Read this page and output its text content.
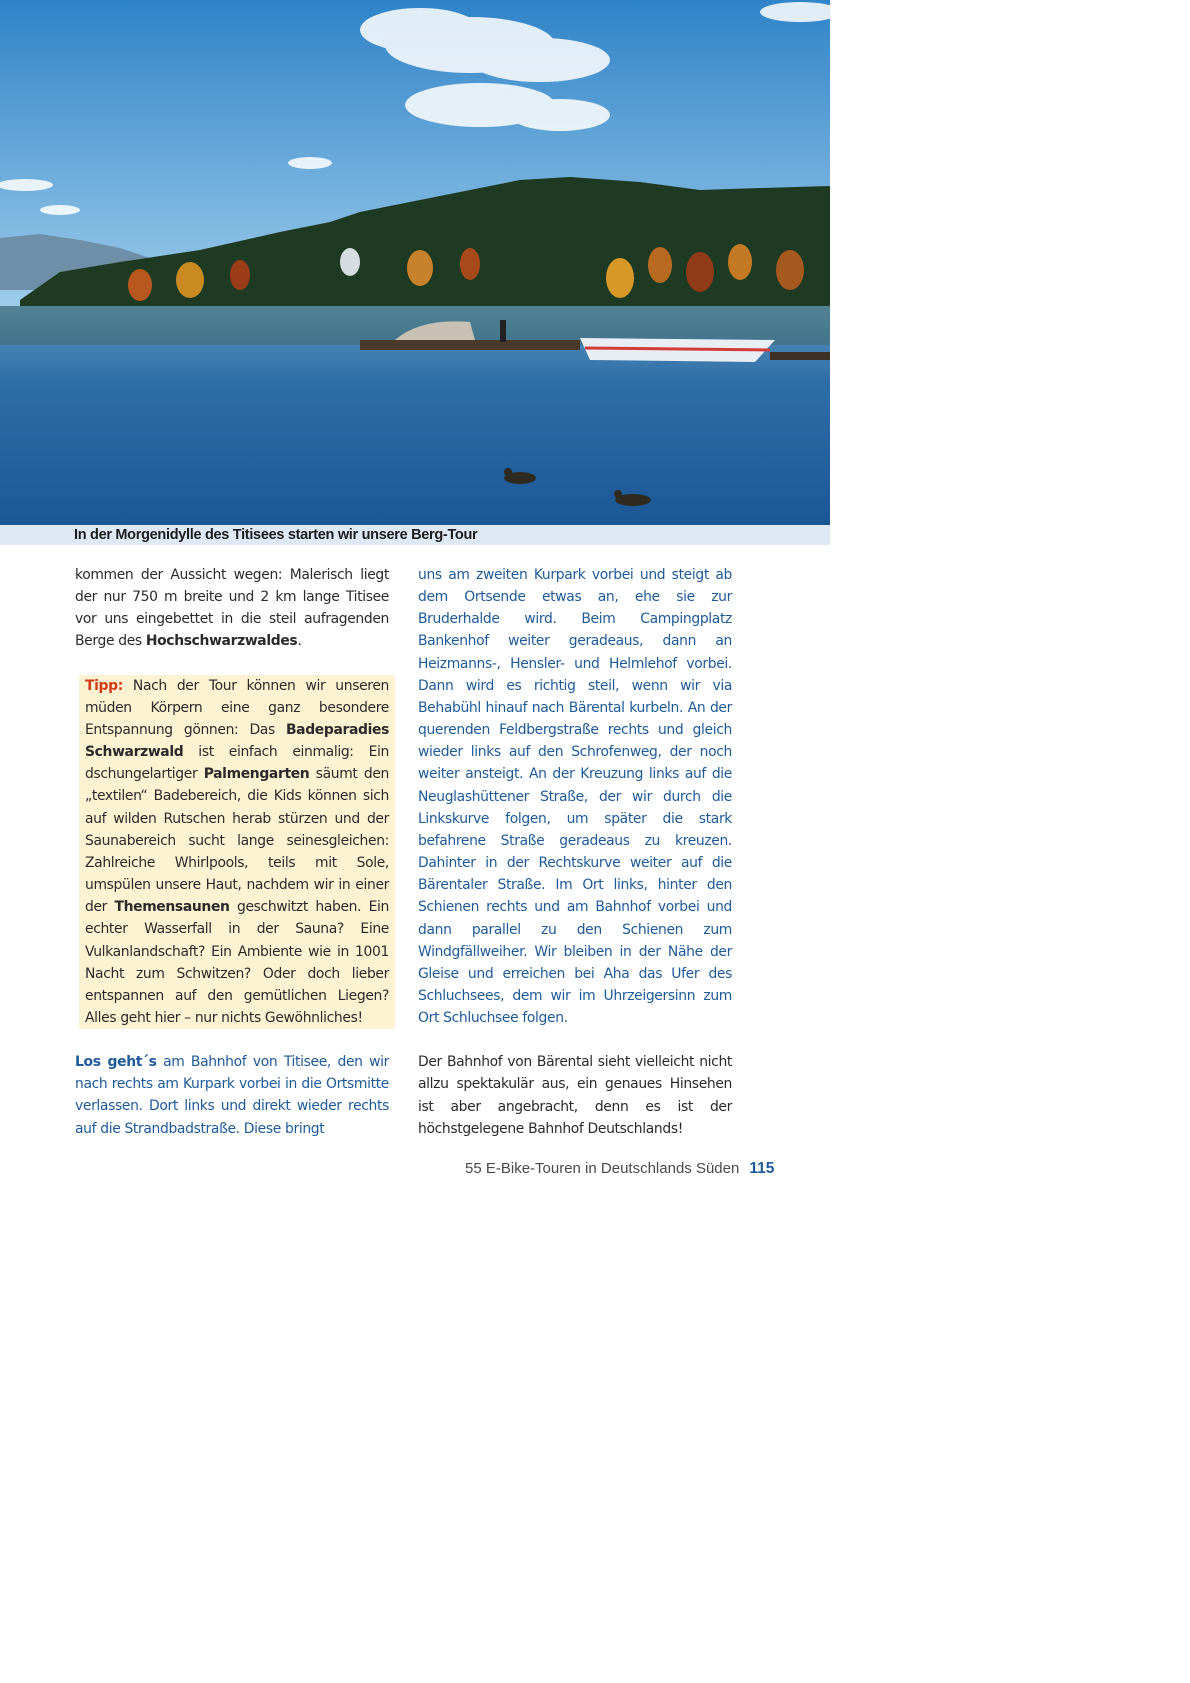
In der Morgenidylle des Titisees starten wir unsere Berg-Tour

kommen der Aussicht wegen: Malerisch liegt der nur 750 m breite und 2 km lange Titisee vor uns eingebettet in die steil aufragenden Berge des Hochschwarzwaldes.

Tipp: Nach der Tour können wir unseren müden Körpern eine ganz besondere Entspannung gönnen: Das Badeparadies Schwarzwald ist einfach einmalig: Ein dschungelartiger Palmengarten säumt den „textilen“ Badebereich, die Kids können sich auf wilden Rutschen herab stürzen und der Saunabereich sucht lange seinesgleichen: Zahlreiche Whirlpools, teils mit Sole, umspülen unsere Haut, nachdem wir in einer der Themensaunen geschwitzt haben. Ein echter Wasserfall in der Sauna? Eine Vulkanlandschaft? Ein Ambiente wie in 1001 Nacht zum Schwitzen? Oder doch lieber entspannen auf den gemütlichen Liegen? Alles geht hier – nur nichts Gewöhnliches!

Los geht´s am Bahnhof von Titisee, den wir nach rechts am Kurpark vorbei in die Ortsmitte verlassen. Dort links und direkt wieder rechts auf die Strandbadstraße. Diese bringt

uns am zweiten Kurpark vorbei und steigt ab dem Ortsende etwas an, ehe sie zur Bruderhalde wird. Beim Campingplatz Bankenhof weiter geradeaus, dann an Heizmanns-, Hensler- und Helmlehof vorbei. Dann wird es richtig steil, wenn wir via Behabühl hinauf nach Bärental kurbeln. An der querenden Feldbergstraße rechts und gleich wieder links auf den Schrofenweg, der noch weiter ansteigt. An der Kreuzung links auf die Neuglashüttener Straße, der wir durch die Linkskurve folgen, um später die stark befahrene Straße geradeaus zu kreuzen. Dahinter in der Rechtskurve weiter auf die Bärentaler Straße. Im Ort links, hinter den Schienen rechts und am Bahnhof vorbei und dann parallel zu den Schienen zum Windgfällweiher. Wir bleiben in der Nähe der Gleise und erreichen bei Aha das Ufer des Schluchsees, dem wir im Uhrzeigersinn zum Ort Schluchsee folgen.

Der Bahnhof von Bärental sieht vielleicht nicht allzu spektakulär aus, ein genaues Hinsehen ist aber angebracht, denn es ist der höchstgelegene Bahnhof Deutschlands!

55 E-Bike-Touren in Deutschlands Süden 115
